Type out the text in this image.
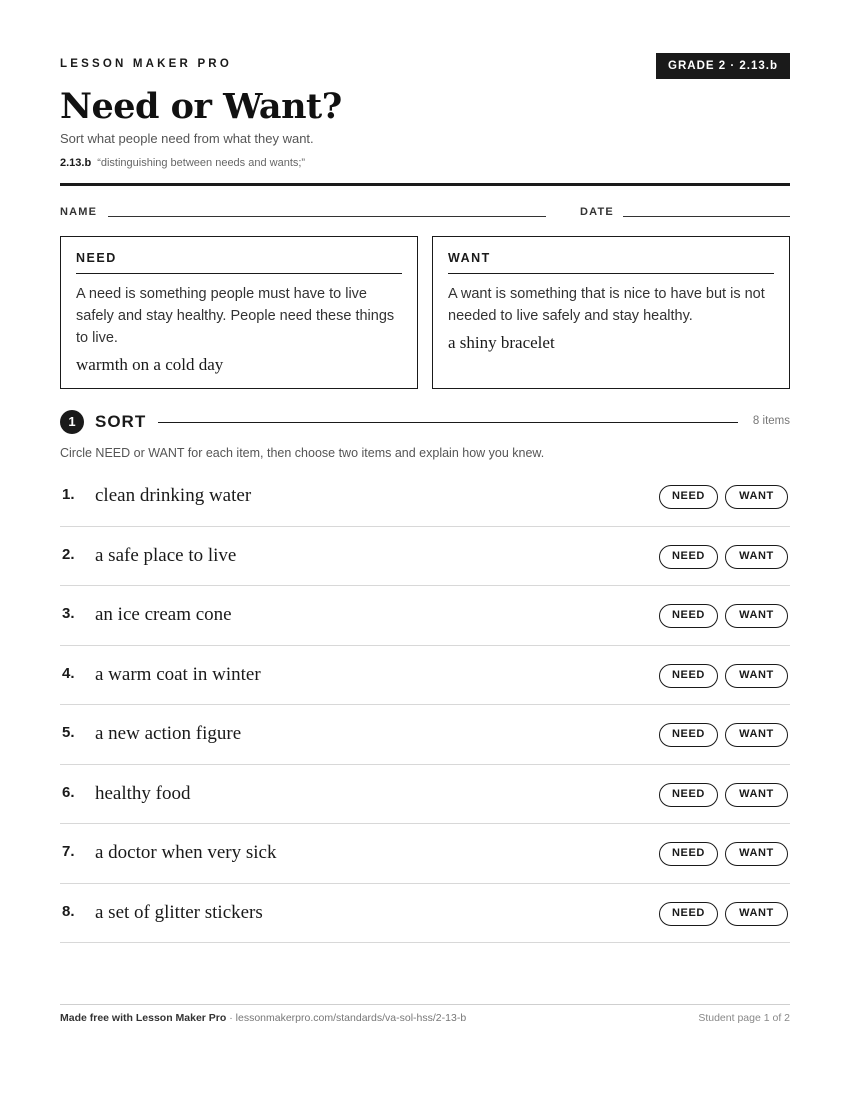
LESSON MAKER PRO	GRADE 2 · 2.13.b
Need or Want?
Sort what people need from what they want.
2.13.b “distinguishing between needs and wants;”
NAME	DATE
NEED
A need is something people must have to live safely and stay healthy. People need these things to live.
warmth on a cold day
WANT
A want is something that is nice to have but is not needed to live safely and stay healthy.
a shiny bracelet
1	SORT	8 items
Circle NEED or WANT for each item, then choose two items and explain how you knew.
1. clean drinking water	NEED	WANT
2. a safe place to live	NEED	WANT
3. an ice cream cone	NEED	WANT
4. a warm coat in winter	NEED	WANT
5. a new action figure	NEED	WANT
6. healthy food	NEED	WANT
7. a doctor when very sick	NEED	WANT
8. a set of glitter stickers	NEED	WANT
Made free with Lesson Maker Pro · lessonmakerpro.com/standards/va-sol-hss/2-13-b	Student page 1 of 2
